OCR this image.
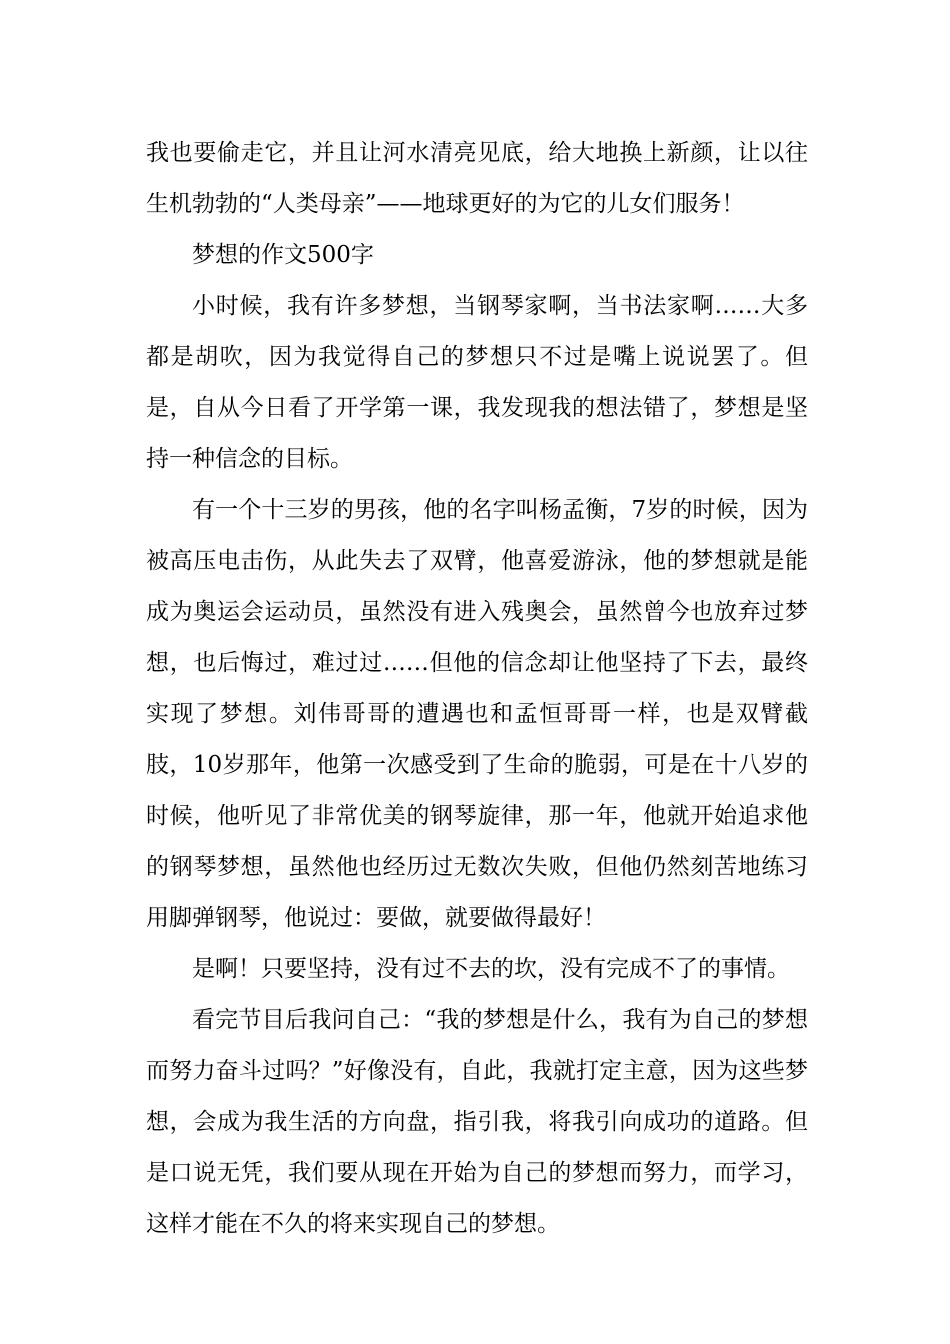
我也要偷走它，并且让河水清亮见底，给大地换上新颜，让以往生机勃勃的“人类母亲”——地球更好的为它的儿女们服务！

梦想的作文500字

小时候，我有许多梦想，当钢琴家啊，当书法家啊……大多都是胡吹，因为我觉得自己的梦想只不过是嘴上说说罢了。但是，自从今日看了开学第一课，我发现我的想法错了，梦想是坚持一种信念的目标。

有一个十三岁的男孩，他的名字叫杨孟衡，7岁的时候，因为被高压电击伤，从此失去了双臂，他喜爱游泳，他的梦想就是能成为奥运会运动员，虽然没有进入残奥会，虽然曾今也放弃过梦想，也后悔过，难过过……但他的信念却让他坚持了下去，最终实现了梦想。刘伟哥哥的遭遇也和孟恒哥哥一样，也是双臂截肢，10岁那年，他第一次感受到了生命的脆弱，可是在十八岁的时候，他听见了非常优美的钢琴旋律，那一年，他就开始追求他的钢琴梦想，虽然他也经历过无数次失败，但他仍然刻苦地练习用脚弹钢琴，他说过：要做，就要做得最好！

是啊！只要坚持，没有过不去的坎，没有完成不了的事情。

看完节目后我问自己：“我的梦想是什么，我有为自己的梦想而努力奋斗过吗？”好像没有，自此，我就打定主意，因为这些梦想，会成为我生活的方向盘，指引我，将我引向成功的道路。但是口说无凭，我们要从现在开始为自己的梦想而努力，而学习，这样才能在不久的将来实现自己的梦想。
